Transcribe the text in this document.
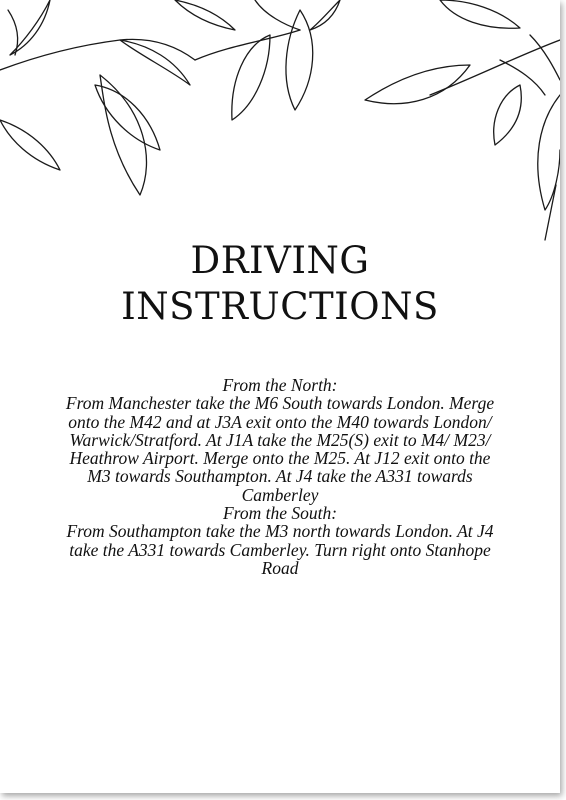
DRIVING
INSTRUCTIONS

From the North:

From Manchester take the M6 South towards London. Merge onto the M42 and at J3A exit onto the M40 towards London/ Warwick/Stratford. At J1A take the M25(S) exit to M4/ M23/ Heathrow Airport. Merge onto the M25. At J12 exit onto the M3 towards Southampton. At J4 take the A331 towards Camberley

From the South:

From Southampton take the M3 north towards London. At J4 take the A331 towards Camberley. Turn right onto Stanhope Road
